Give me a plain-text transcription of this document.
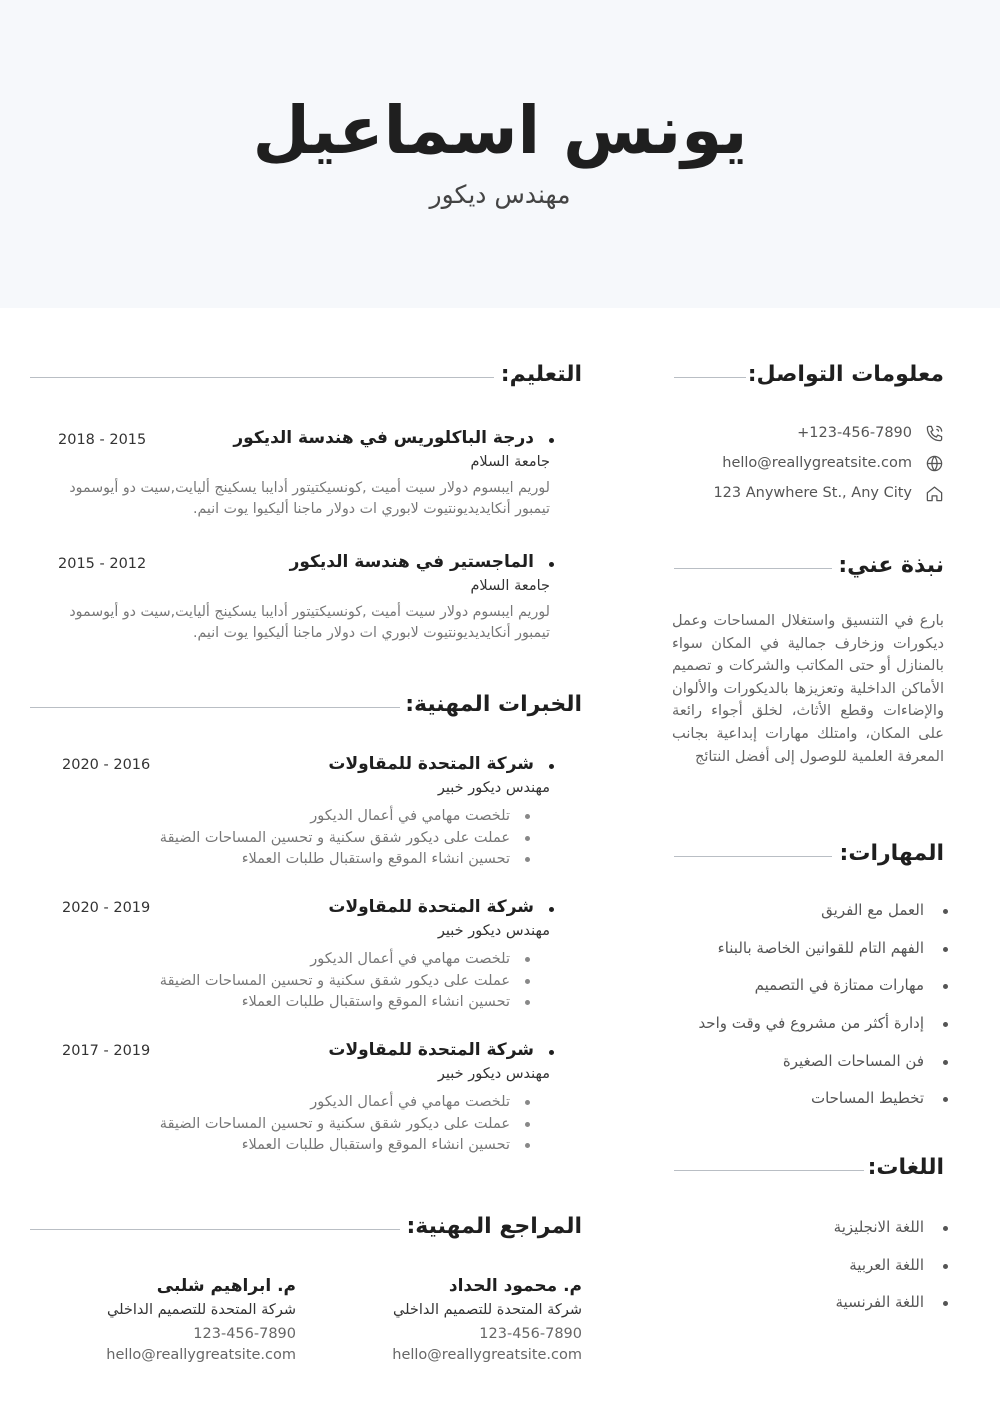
يونس اسماعيل
مهندس ديكور
معلومات التواصل:
+123-456-7890
hello@reallygreatsite.com
123 Anywhere St., Any City
نبذة عني:
بارع في التنسيق واستغلال المساحات وعمل ديكورات وزخارف جمالية في المكان سواء بالمنازل أو حتى المكاتب والشركات و تصميم الأماكن الداخلية وتعزيزها بالديكورات والألوان والإضاءات وقطع الأثاث، لخلق أجواء رائعة على المكان، وامتلك مهارات إبداعية بجانب المعرفة العلمية للوصول إلى أفضل النتائج
المهارات:
العمل مع الفريق
الفهم التام للقوانين الخاصة بالبناء
مهارات ممتازة في التصميم
إدارة أكثر من مشروع في وقت واحد
فن المساحات الصغيرة
تخطيط المساحات
اللغات:
اللغة الانجليزية
اللغة العربية
اللغة الفرنسية
التعليم:
درجة الباكلوريس في هندسة الديكور
جامعة السلام
لوريم ايبسوم دولار سيت أميت ,كونسيكتيتور أدايبا يسكينج أليايت,سيت دو أيوسمود تيمبور أنكايديديونتيوت لابوري ات دولار ماجنا أليكيوا يوت انيم.
2018 - 2015
الماجستير في هندسة الديكور
جامعة السلام
لوريم ايبسوم دولار سيت أميت ,كونسيكتيتور أدايبا يسكينج أليايت,سيت دو أيوسمود تيمبور أنكايديديونتيوت لابوري ات دولار ماجنا أليكيوا يوت انيم.
2015 - 2012
الخبرات المهنية:
شركة المتحدة للمقاولات
مهندس ديكور خبير
تلخصت مهامي في أعمال الديكور
عملت على ديكور شقق سكنية و تحسين المساحات الضيقة
تحسين انشاء الموقع واستقبال طلبات العملاء
2020 - 2016
شركة المتحدة للمقاولات
مهندس ديكور خبير
تلخصت مهامي في أعمال الديكور
عملت على ديكور شقق سكنية و تحسين المساحات الضيقة
تحسين انشاء الموقع واستقبال طلبات العملاء
2020 - 2019
شركة المتحدة للمقاولات
مهندس ديكور خبير
تلخصت مهامي في أعمال الديكور
عملت على ديكور شقق سكنية و تحسين المساحات الضيقة
تحسين انشاء الموقع واستقبال طلبات العملاء
2017 - 2019
المراجع المهنية:
م. محمود الحداد
شركة المتحدة للتصميم الداخلي
123-456-7890
hello@reallygreatsite.com
م. ابراهيم شلبى
شركة المتحدة للتصميم الداخلي
123-456-7890
hello@reallygreatsite.com
